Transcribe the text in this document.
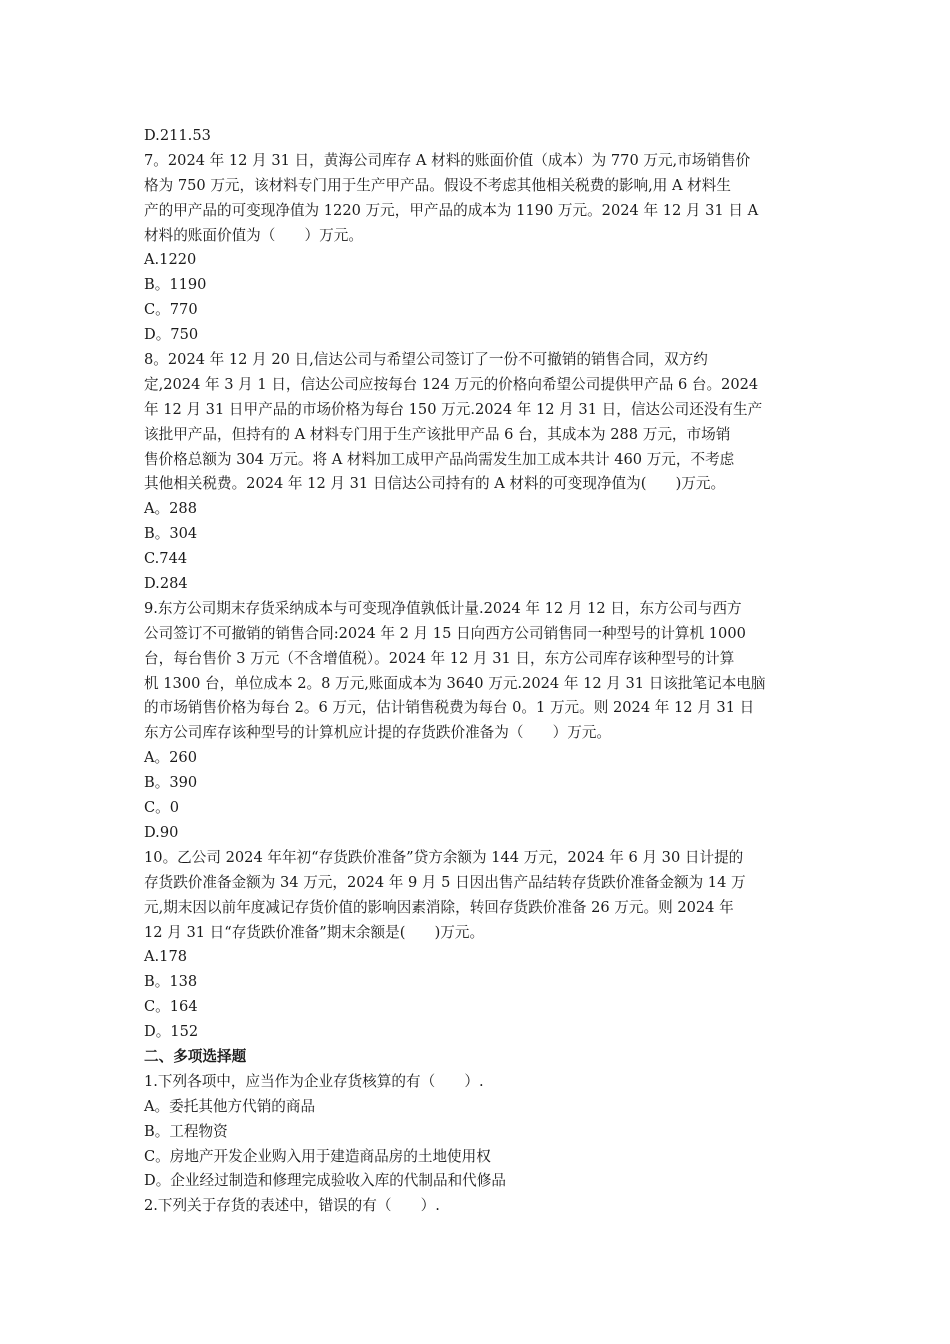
D.211.53
7。2024 年 12 月 31 日，黄海公司库存 A 材料的账面价值（成本）为 770 万元,市场销售价
格为 750 万元，该材料专门用于生产甲产品。假设不考虑其他相关税费的影响,用 A 材料生
产的甲产品的可变现净值为 1220 万元，甲产品的成本为 1190 万元。2024 年 12 月 31 日 A
材料的账面价值为（　　）万元。
A.1220
B。1190
C。770
D。750
8。2024 年 12 月 20 日,信达公司与希望公司签订了一份不可撤销的销售合同，双方约
定,2024 年 3 月 1 日，信达公司应按每台 124 万元的价格向希望公司提供甲产品 6 台。2024
年 12 月 31 日甲产品的市场价格为每台 150 万元.2024 年 12 月 31 日，信达公司还没有生产
该批甲产品，但持有的 A 材料专门用于生产该批甲产品 6 台，其成本为 288 万元，市场销
售价格总额为 304 万元。将 A 材料加工成甲产品尚需发生加工成本共计 460 万元，不考虑
其他相关税费。2024 年 12 月 31 日信达公司持有的 A 材料的可变现净值为(　　)万元。
A。288
B。304
C.744
D.284
9.东方公司期末存货采纳成本与可变现净值孰低计量.2024 年 12 月 12 日，东方公司与西方
公司签订不可撤销的销售合同:2024 年 2 月 15 日向西方公司销售同一种型号的计算机 1000
台，每台售价 3 万元（不含增值税）。2024 年 12 月 31 日，东方公司库存该种型号的计算
机 1300 台，单位成本 2。8 万元,账面成本为 3640 万元.2024 年 12 月 31 日该批笔记本电脑
的市场销售价格为每台 2。6 万元，估计销售税费为每台 0。1 万元。则 2024 年 12 月 31 日
东方公司库存该种型号的计算机应计提的存货跌价准备为（　　）万元。
A。260
B。390
C。0
D.90
10。乙公司 2024 年年初“存货跌价准备”贷方余额为 144 万元，2024 年 6 月 30 日计提的
存货跌价准备金额为 34 万元，2024 年 9 月 5 日因出售产品结转存货跌价准备金额为 14 万
元,期末因以前年度减记存货价值的影响因素消除，转回存货跌价准备 26 万元。则 2024 年
12 月 31 日“存货跌价准备”期末余额是(　　)万元。
A.178
B。138
C。164
D。152
二、多项选择题
1.下列各项中，应当作为企业存货核算的有（　　）.
A。委托其他方代销的商品
B。工程物资
C。房地产开发企业购入用于建造商品房的土地使用权
D。企业经过制造和修理完成验收入库的代制品和代修品
2.下列关于存货的表述中，错误的有（　　）.
